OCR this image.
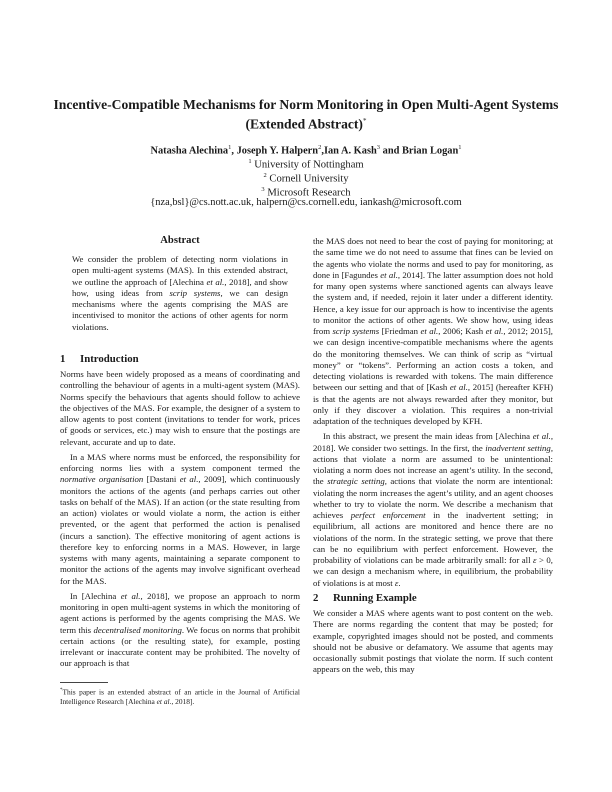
Incentive-Compatible Mechanisms for Norm Monitoring in Open Multi-Agent Systems (Extended Abstract)*
Natasha Alechina$^1$, Joseph Y. Halpern$^2$,Ian A. Kash$^3$ and Brian Logan$^1$
$^1$ University of Nottingham
$^2$ Cornell University
$^3$ Microsoft Research
{nza,bsl}@cs.nott.ac.uk, halpern@cs.cornell.edu, iankash@microsoft.com
Abstract
We consider the problem of detecting norm violations in open multi-agent systems (MAS). In this extended abstract, we outline the approach of [Alechina et al., 2018], and show how, using ideas from scrip systems, we can design mechanisms where the agents comprising the MAS are incentivised to monitor the actions of other agents for norm violations.
1 Introduction

Norms have been widely proposed as a means of coordinating and controlling the behaviour of agents in a multi-agent system (MAS). Norms specify the behaviours that agents should follow to achieve the objectives of the MAS. For example, the designer of a system to allow agents to post content (invitations to tender for work, prices of goods or services, etc.) may wish to ensure that the postings are relevant, accurate and up to date.

In a MAS where norms must be enforced, the responsibility for enforcing norms lies with a system component termed the normative organisation [Dastani et al., 2009], which continuously monitors the actions of the agents (and perhaps carries out other tasks on behalf of the MAS). If an action (or the state resulting from an action) violates or would violate a norm, the action is either prevented, or the agent that performed the action is penalised (incurs a sanction). The effective monitoring of agent actions is therefore key to enforcing norms in a MAS. However, in large systems with many agents, maintaining a separate component to monitor the actions of the agents may involve significant overhead for the MAS.

In [Alechina et al., 2018], we propose an approach to norm monitoring in open multi-agent systems in which the monitoring of agent actions is performed by the agents comprising the MAS. We term this decentralised monitoring. We focus on norms that prohibit certain actions (or the resulting state), for example, posting irrelevant or inaccurate content may be prohibited. The novelty of our approach is that

*This paper is an extended abstract of an article in the Journal of Artificial Intelligence Research [Alechina et al., 2018].

the MAS does not need to bear the cost of paying for monitoring; at the same time we do not need to assume that fines can be levied on the agents who violate the norms and used to pay for monitoring, as done in [Fagundes et al., 2014]. The latter assumption does not hold for many open systems where sanctioned agents can always leave the system and, if needed, rejoin it later under a different identity. Hence, a key issue for our approach is how to incentivise the agents to monitor the actions of other agents. We show how, using ideas from scrip systems [Friedman et al., 2006; Kash et al., 2012; 2015], we can design incentive-compatible mechanisms where the agents do the monitoring themselves. We can think of scrip as “virtual money” or “tokens”. Performing an action costs a token, and detecting violations is rewarded with tokens. The main difference between our setting and that of [Kash et al., 2015] (hereafter KFH) is that the agents are not always rewarded after they monitor, but only if they discover a violation. This requires a non-trivial adaptation of the techniques developed by KFH.

In this abstract, we present the main ideas from [Alechina et al., 2018]. We consider two settings. In the first, the inadvertent setting, actions that violate a norm are assumed to be unintentional: violating a norm does not increase an agent’s utility. In the second, the strategic setting, actions that violate the norm are intentional: violating the norm increases the agent’s utility, and an agent chooses whether to try to violate the norm. We describe a mechanism that achieves perfect enforcement in the inadvertent setting; in equilibrium, all actions are monitored and hence there are no violations of the norm. In the strategic setting, we prove that there can be no equilibrium with perfect enforcement. However, the probability of violations can be made arbitrarily small: for all ε > 0, we can design a mechanism where, in equilibrium, the probability of violations is at most ε.

2 Running Example

We consider a MAS where agents want to post content on the web. There are norms regarding the content that may be posted; for example, copyrighted images should not be posted, and comments should not be abusive or defamatory. We assume that agents may occasionally submit postings that violate the norm. If such content appears on the web, this may
